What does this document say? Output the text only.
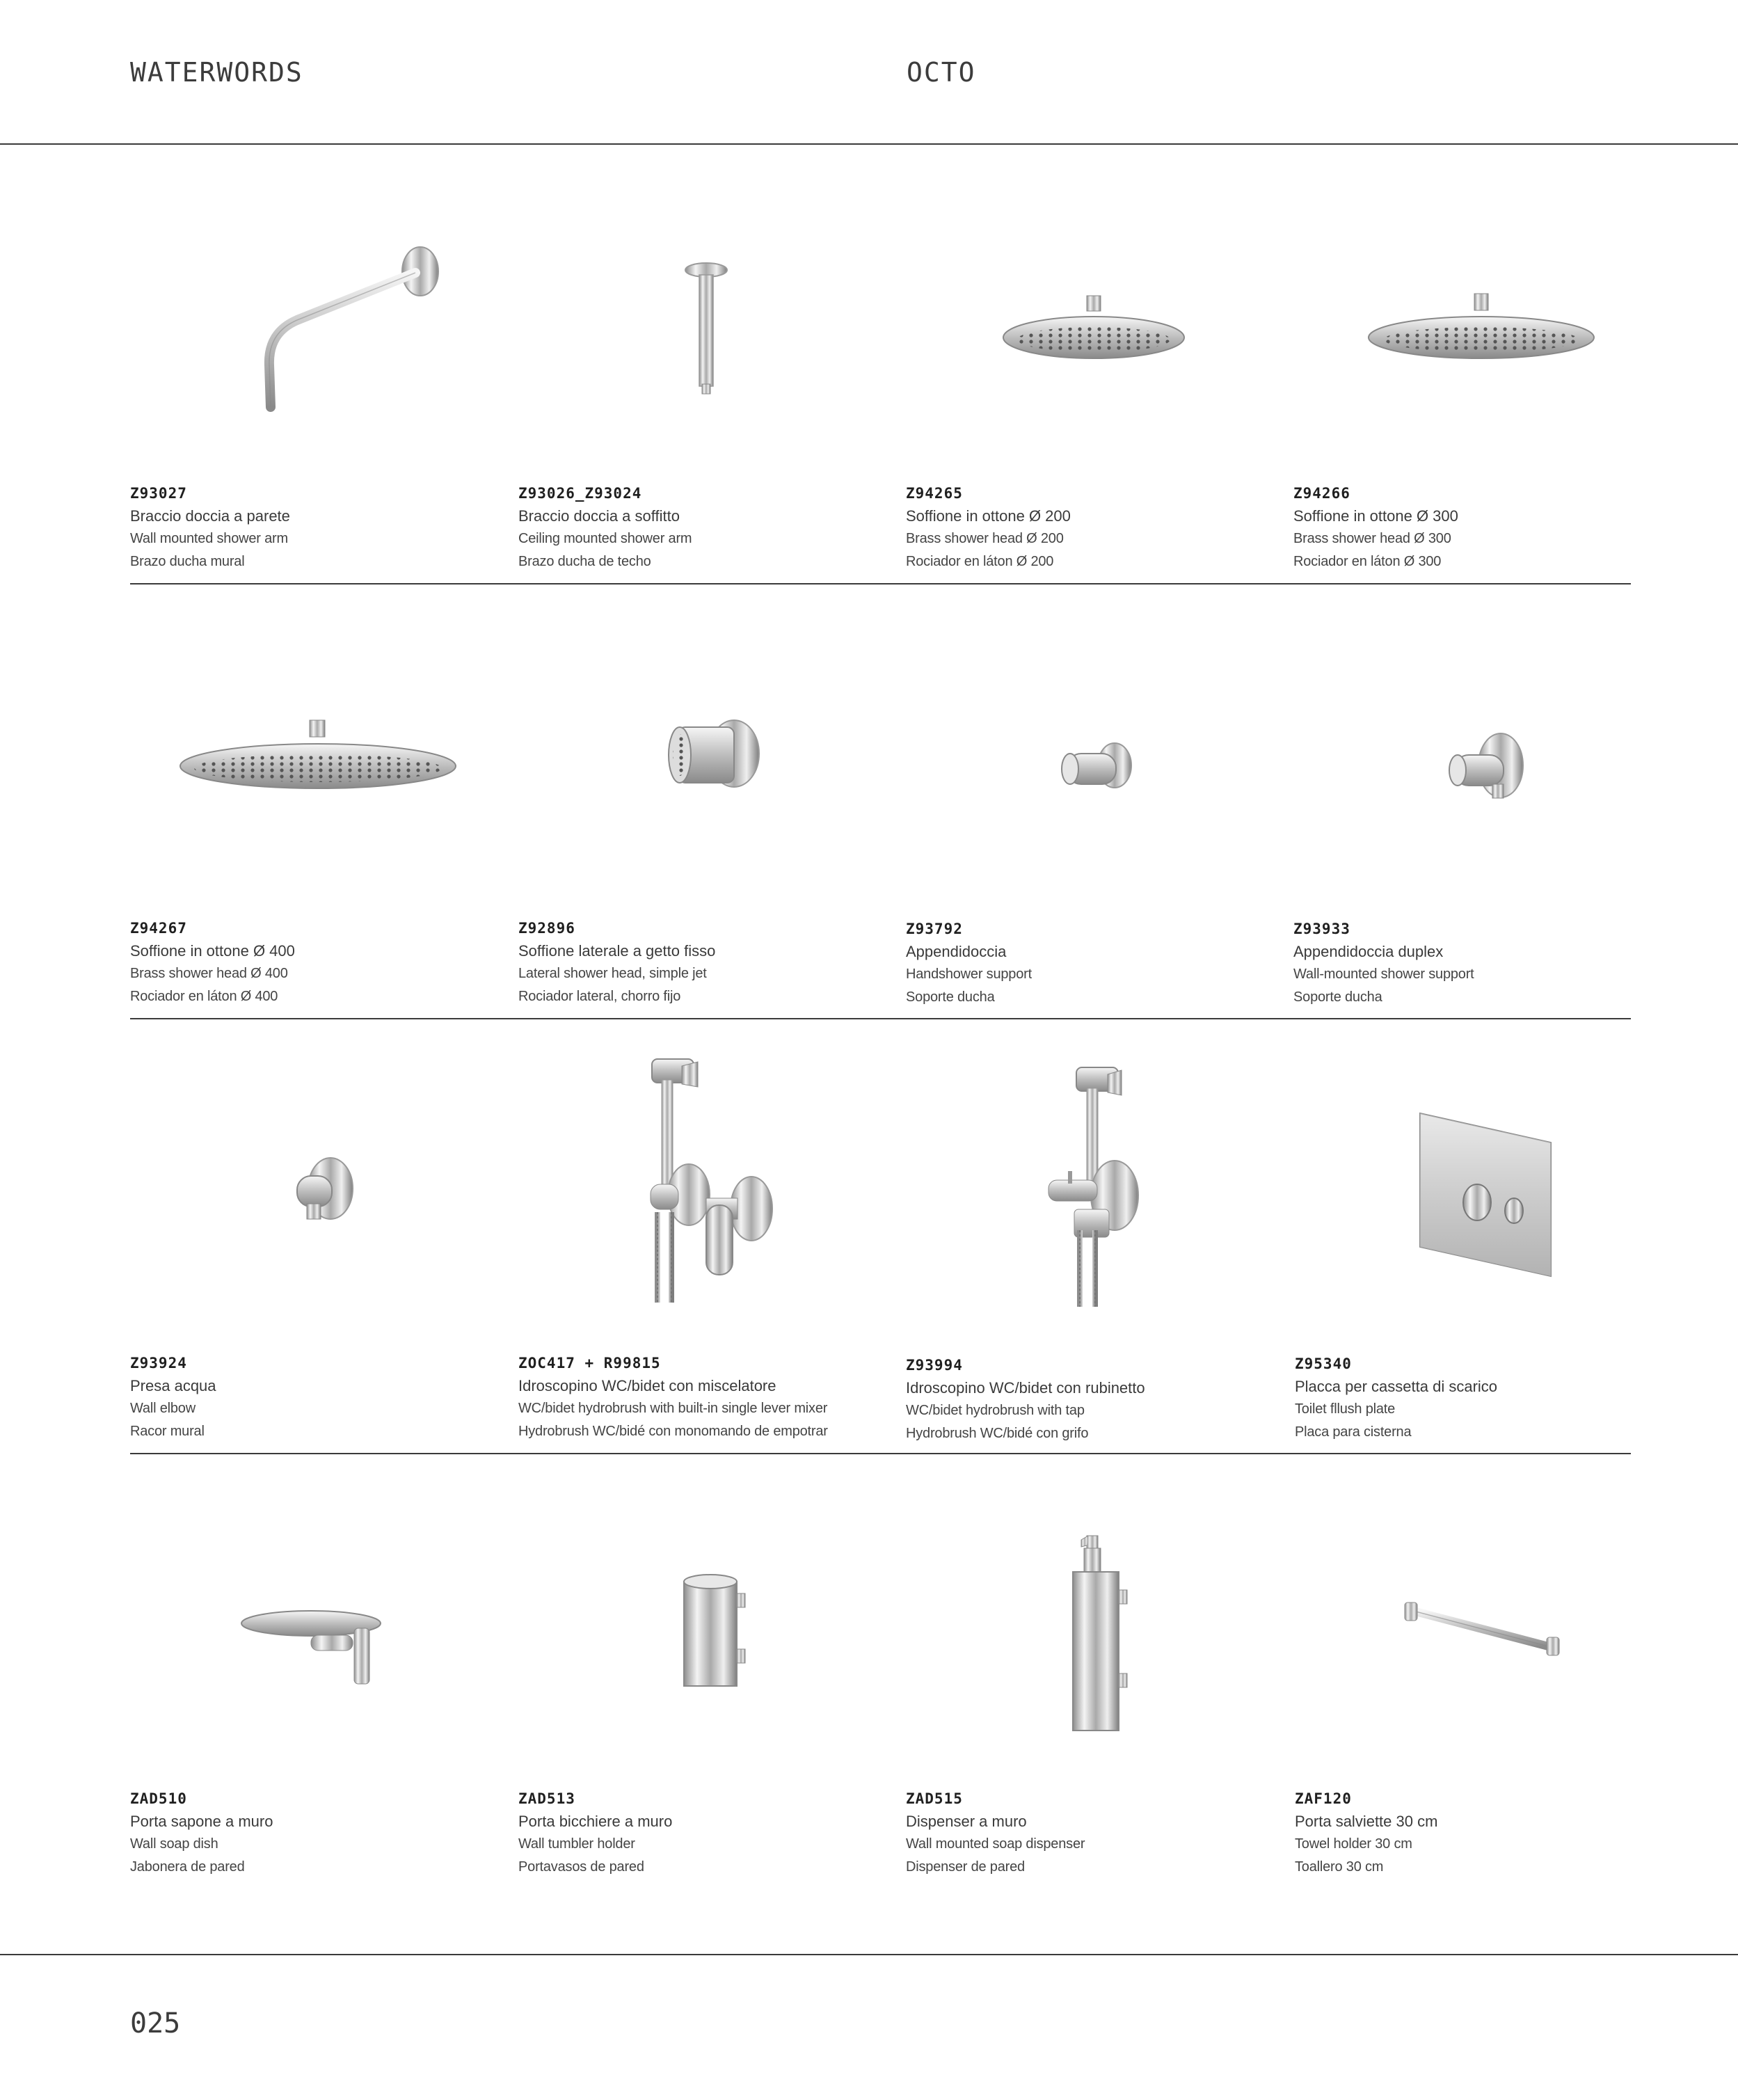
WATERWORDS	OCTO
Z93027
Braccio doccia a parete
Wall mounted shower arm
Brazo ducha mural
Z93026_Z93024
Braccio doccia a soffitto
Ceiling mounted shower arm
Brazo ducha de techo
Z94265
Soffione in ottone Ø 200
Brass shower head Ø 200
Rociador en láton Ø 200
Z94266
Soffione in ottone Ø 300
Brass shower head Ø 300
Rociador en láton Ø 300
Z94267
Soffione in ottone Ø 400
Brass shower head Ø 400
Rociador en láton Ø 400
Z92896
Soffione laterale a getto fisso
Lateral shower head, simple jet
Rociador lateral, chorro fijo
Z93792
Appendidoccia
Handshower support
Soporte ducha
Z93933
Appendidoccia duplex
Wall-mounted shower support
Soporte ducha
Z93924
Presa acqua
Wall elbow
Racor mural
ZOC417 + R99815
Idroscopino WC/bidet con miscelatore
WC/bidet hydrobrush with built-in single lever mixer
Hydrobrush WC/bidé con monomando de empotrar
Z93994
Idroscopino WC/bidet con rubinetto
WC/bidet hydrobrush with tap
Hydrobrush WC/bidé con grifo
Z95340
Placca per cassetta di scarico
Toilet fllush plate
Placa para cisterna
ZAD510
Porta sapone a muro
Wall soap dish
Jabonera de pared
ZAD513
Porta bicchiere a muro
Wall tumbler holder
Portavasos de pared
ZAD515
Dispenser a muro
Wall mounted soap dispenser
Dispenser de pared
ZAF120
Porta salviette 30 cm
Towel holder 30 cm
Toallero 30 cm
025
